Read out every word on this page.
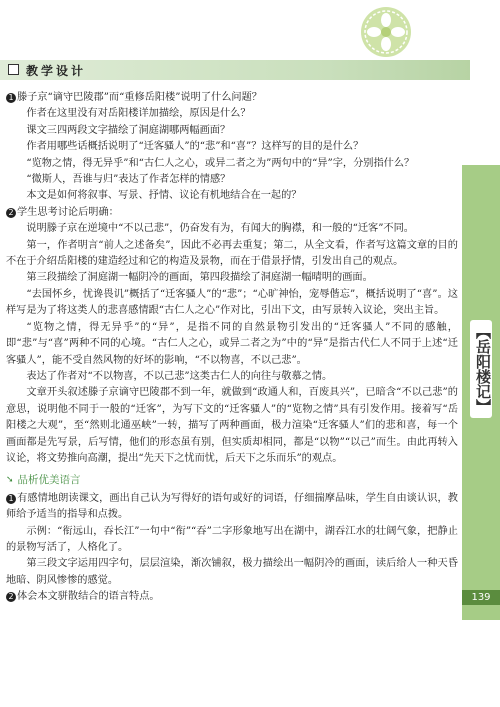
教学设计
【岳阳楼记】
139

1 滕子京“谪守巴陵郡”而“重修岳阳楼”说明了什么问题？

作者在这里没有对岳阳楼详加描绘，原因是什么？

课文三四两段文字描绘了洞庭湖哪两幅画面？

作者用哪些话概括说明了“迁客骚人”的“悲”和“喜”？这样写的目的是什么？

“览物之情，得无异乎”和“古仁人之心，或异二者之为”两句中的“异”字，分别指什么？

“微斯人，吾谁与归”表达了作者怎样的情感？

本文是如何将叙事、写景、抒情、议论有机地结合在一起的？

2 学生思考讨论后明确：

说明滕子京在逆境中“不以己悲”，仍奋发有为，有闻大的胸襟，和一般的“迁客”不同。

第一，作者明言“前人之述备矣”，因此不必再去重复；第二，从全文看，作者写这篇文章的目的不在于介绍岳阳楼的建造经过和它的构造及景物，而在于借景抒情，引发出自己的观点。

第三段描绘了洞庭湖一幅阴冷的画面，第四段描绘了洞庭湖一幅晴明的画面。

“去国怀乡，忧谗畏讥”概括了“迁客骚人”的“悲”；“心旷神怡，宠辱偕忘”，概括说明了“喜”。这样写是为了将这类人的悲喜感情跟“古仁人之心”作对比，引出下文，由写景转入议论，突出主旨。

“览物之情，得无异乎”的“异”，是指不同的自然景物引发出的“迁客骚人”不同的感触，即“悲”与“喜”两种不同的心境。“古仁人之心，或异二者之为”中的“异”是指古代仁人不同于上述“迁客骚人”，能不受自然风物的好坏的影响，“不以物喜，不以己悲”。

表达了作者对“不以物喜，不以己悲”这类古仁人的向往与敬慕之情。

文章开头叙述滕子京谪守巴陵郡不到一年，就做到“政通人和，百废具兴”，已暗含“不以己悲”的意思，说明他不同于一般的“迁客”，为写下文的“迁客骚人”的“览物之情”具有引发作用。接着写“岳阳楼之大观”，至“然则北通巫峡”一转，描写了两种画面，极力渲染“迁客骚人”们的悲和喜，每一个画面都是先写景，后写情，他们的形态虽有别，但实质却相同，都是“以物”“以己”而生。由此再转入议论，将文势推向高潮，提出“先天下之忧而忧，后天下之乐而乐”的观点。

➘ 品析优美语言

1 有感情地朗读课文，画出自己认为写得好的语句或好的词语，仔细揣摩品味，学生自由谈认识，教师给予适当的指导和点拨。

示例：“衔远山，吞长江”一句中“衔”“吞”二字形象地写出在湖中，湖吞江水的壮阔气象，把静止的景物写活了，人格化了。

第三段文字运用四字句，层层渲染，渐次铺叙，极力描绘出一幅阴冷的画面，读后给人一种天昏地暗、阴风惨惨的感觉。

2 体会本文骈散结合的语言特点。
